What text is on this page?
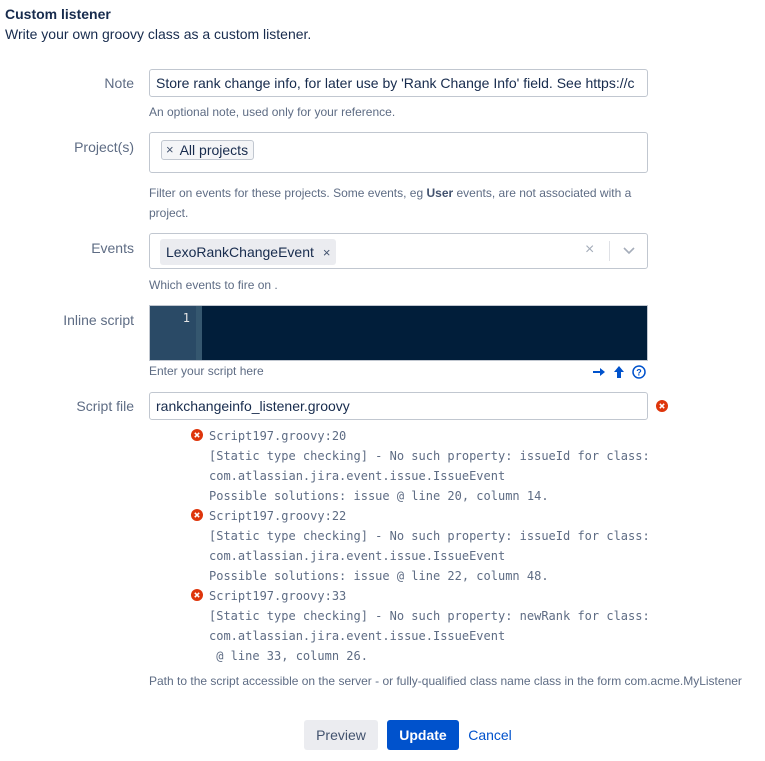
Custom listener
Write your own groovy class as a custom listener.
Note	Store rank change info, for later use by 'Rank Change Info' field. See https://c
An optional note, used only for your reference.
Project(s) × All projects
Filter on events for these projects. Some events, eg User events, are not associated with a
project.
Events LexoRankChangeEvent ×	×
Which events to fire on .
Inline script	1
Enter your script here	?
Script file	rankchangeinfo_listener.groovy
Script197.groovy:20
[Static type checking] - No such property: issueId for class:
com.atlassian.jira.event.issue.IssueEvent
Possible solutions: issue @ line 20, column 14.
Script197.groovy:22
[Static type checking] - No such property: issueId for class:
com.atlassian.jira.event.issue.IssueEvent
Possible solutions: issue @ line 22, column 48.
Script197.groovy:33
[Static type checking] - No such property: newRank for class:
com.atlassian.jira.event.issue.IssueEvent
@ line 33, column 26.
Path to the script accessible on the server - or fully-qualified class name class in the form com.acme.MyListener
Preview	Update	Cancel
